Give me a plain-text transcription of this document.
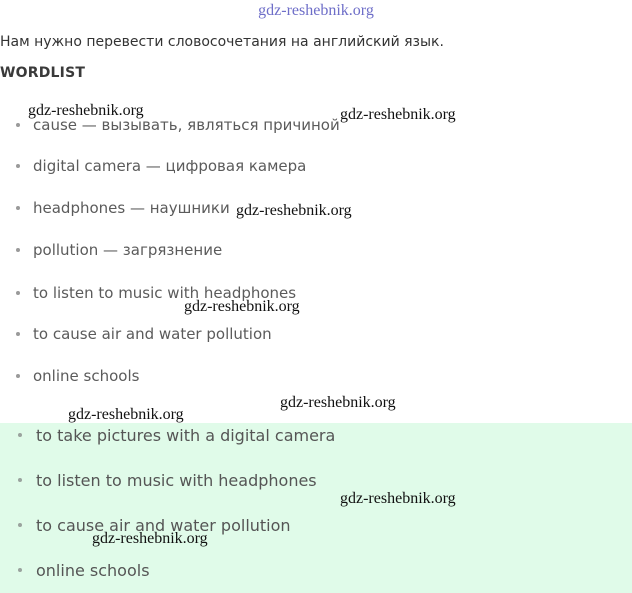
gdz-reshebnik.org
Нам нужно перевести словосочетания на английский язык.
WORDLIST
cause — вызывать, являться причиной
digital camera — цифровая камера
headphones — наушники
pollution — загрязнение
to listen to music with headphones
to cause air and water pollution
online schools
to take pictures with a digital camera
to listen to music with headphones
to cause air and water pollution
online schools
gdz-reshebnik.org	gdz-reshebnik.org
gdz-reshebnik.org
gdz-reshebnik.org
gdz-reshebnik.org
gdz-reshebnik.org
gdz-reshebnik.org
gdz-reshebnik.org
